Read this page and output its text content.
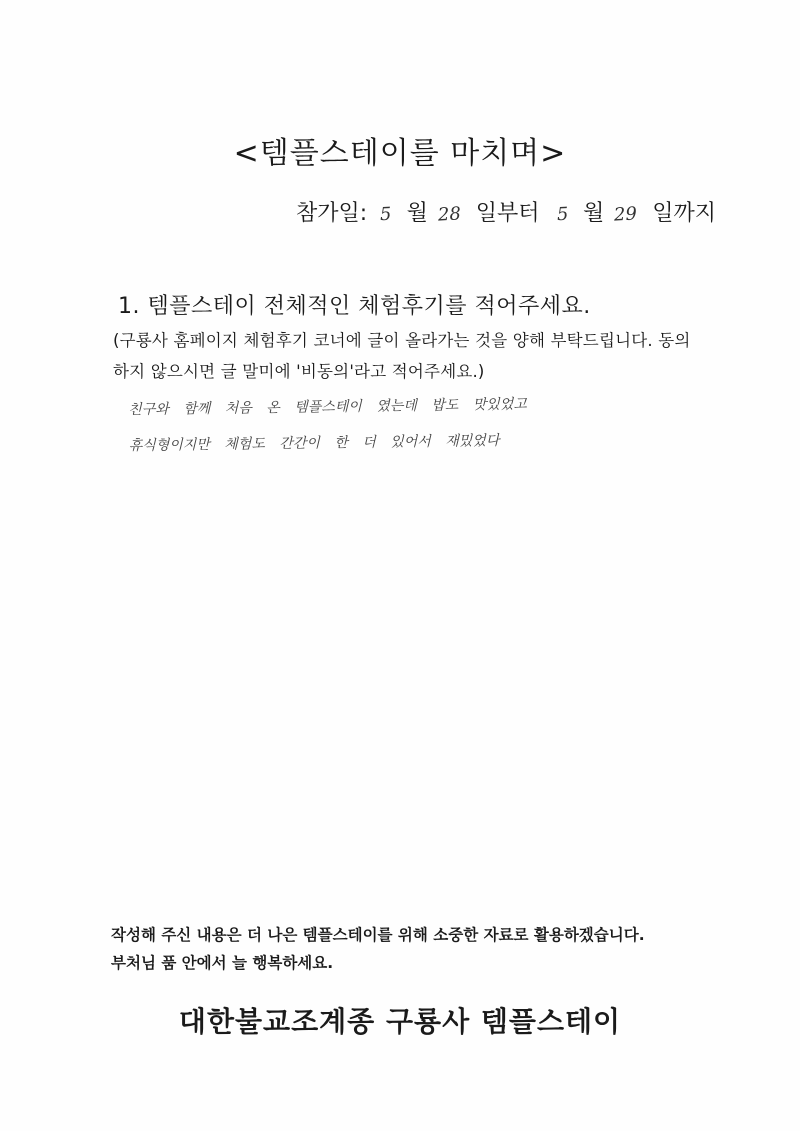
<템플스테이를 마치며>
참가일: 5 월 28 일부터 5 월 29 일까지
1. 템플스테이 전체적인 체험후기를 적어주세요.
(구룡사 홈페이지 체험후기 코너에 글이 올라가는 것을 양해 부탁드립니다. 동의하지 않으시면 글 말미에 '비동의'라고 적어주세요.)
친구와 함께 처음 온 템플스테이 였는데 밥도 맛있었고
휴식형이지만 체험도 간간이 한 더 있어서 재밌었다
작성해 주신 내용은 더 나은 템플스테이를 위해 소중한 자료로 활용하겠습니다.
부처님 품 안에서 늘 행복하세요.
대한불교조계종 구룡사 템플스테이
